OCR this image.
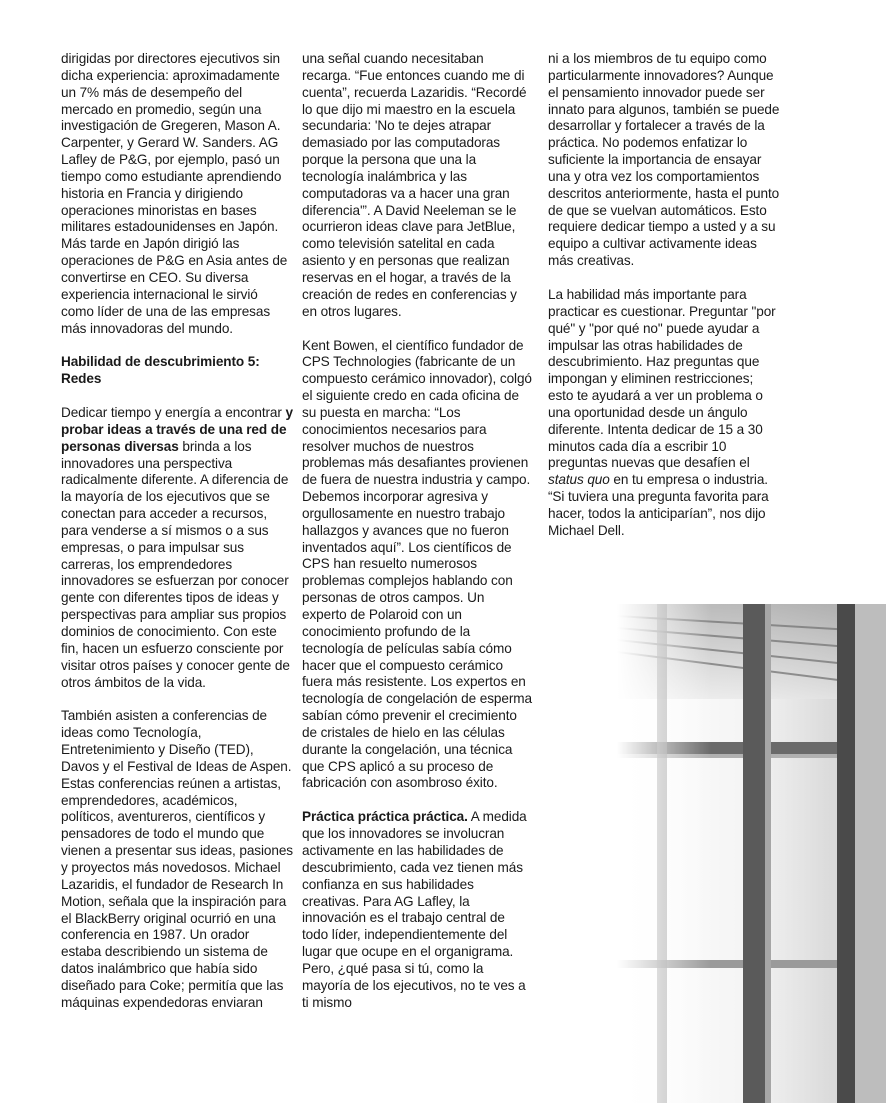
dirigidas por directores ejecutivos sin dicha experiencia: aproximadamente un 7% más de desempeño del mercado en promedio, según una investigación de Gregeren, Mason A. Carpenter, y Gerard W. Sanders. AG Lafley de P&G, por ejemplo, pasó un tiempo como estudiante aprendiendo historia en Francia y dirigiendo operaciones minoristas en bases militares estadounidenses en Japón. Más tarde en Japón dirigió las operaciones de P&G en Asia antes de convertirse en CEO. Su diversa experiencia internacional le sirvió como líder de una de las empresas más innovadoras del mundo.

Habilidad de descubrimiento 5: Redes

Dedicar tiempo y energía a encontrar y probar ideas a través de una red de personas diversas brinda a los innovadores una perspectiva radicalmente diferente. A diferencia de la mayoría de los ejecutivos que se conectan para acceder a recursos, para venderse a sí mismos o a sus empresas, o para impulsar sus carreras, los emprendedores innovadores se esfuerzan por conocer gente con diferentes tipos de ideas y perspectivas para ampliar sus propios dominios de conocimiento. Con este fin, hacen un esfuerzo consciente por visitar otros países y conocer gente de otros ámbitos de la vida.

También asisten a conferencias de ideas como Tecnología, Entretenimiento y Diseño (TED), Davos y el Festival de Ideas de Aspen. Estas conferencias reúnen a artistas, emprendedores, académicos, políticos, aventureros, científicos y pensadores de todo el mundo que vienen a presentar sus ideas, pasiones y proyectos más novedosos. Michael Lazaridis, el fundador de Research In Motion, señala que la inspiración para el BlackBerry original ocurrió en una conferencia en 1987. Un orador estaba describiendo un sistema de datos inalámbrico que había sido diseñado para Coke; permitía que las máquinas expendedoras enviaran

una señal cuando necesitaban recarga. “Fue entonces cuando me di cuenta”, recuerda Lazaridis. “Recordé lo que dijo mi maestro en la escuela secundaria: 'No te dejes atrapar demasiado por las computadoras porque la persona que una la tecnología inalámbrica y las computadoras va a hacer una gran diferencia'”. A David Neeleman se le ocurrieron ideas clave para JetBlue, como televisión satelital en cada asiento y en personas que realizan reservas en el hogar, a través de la creación de redes en conferencias y en otros lugares.

Kent Bowen, el científico fundador de CPS Technologies (fabricante de un compuesto cerámico innovador), colgó el siguiente credo en cada oficina de su puesta en marcha: “Los conocimientos necesarios para resolver muchos de nuestros problemas más desafiantes provienen de fuera de nuestra industria y campo. Debemos incorporar agresiva y orgullosamente en nuestro trabajo hallazgos y avances que no fueron inventados aquí”. Los científicos de CPS han resuelto numerosos problemas complejos hablando con personas de otros campos. Un experto de Polaroid con un conocimiento profundo de la tecnología de películas sabía cómo hacer que el compuesto cerámico fuera más resistente. Los expertos en tecnología de congelación de esperma sabían cómo prevenir el crecimiento de cristales de hielo en las células durante la congelación, una técnica que CPS aplicó a su proceso de fabricación con asombroso éxito.

Práctica práctica práctica. A medida que los innovadores se involucran activamente en las habilidades de descubrimiento, cada vez tienen más confianza en sus habilidades creativas. Para AG Lafley, la innovación es el trabajo central de todo líder, independientemente del lugar que ocupe en el organigrama. Pero, ¿qué pasa si tú, como la mayoría de los ejecutivos, no te ves a ti mismo

ni a los miembros de tu equipo como particularmente innovadores? Aunque el pensamiento innovador puede ser innato para algunos, también se puede desarrollar y fortalecer a través de la práctica. No podemos enfatizar lo suficiente la importancia de ensayar una y otra vez los comportamientos descritos anteriormente, hasta el punto de que se vuelvan automáticos. Esto requiere dedicar tiempo a usted y a su equipo a cultivar activamente ideas más creativas.

La habilidad más importante para practicar es cuestionar. Preguntar "por qué" y "por qué no" puede ayudar a impulsar las otras habilidades de descubrimiento. Haz preguntas que impongan y eliminen restricciones; esto te ayudará a ver un problema o una oportunidad desde un ángulo diferente. Intenta dedicar de 15 a 30 minutos cada día a escribir 10 preguntas nuevas que desafíen el status quo en tu empresa o industria. “Si tuviera una pregunta favorita para hacer, todos la anticiparían”, nos dijo Michael Dell.
